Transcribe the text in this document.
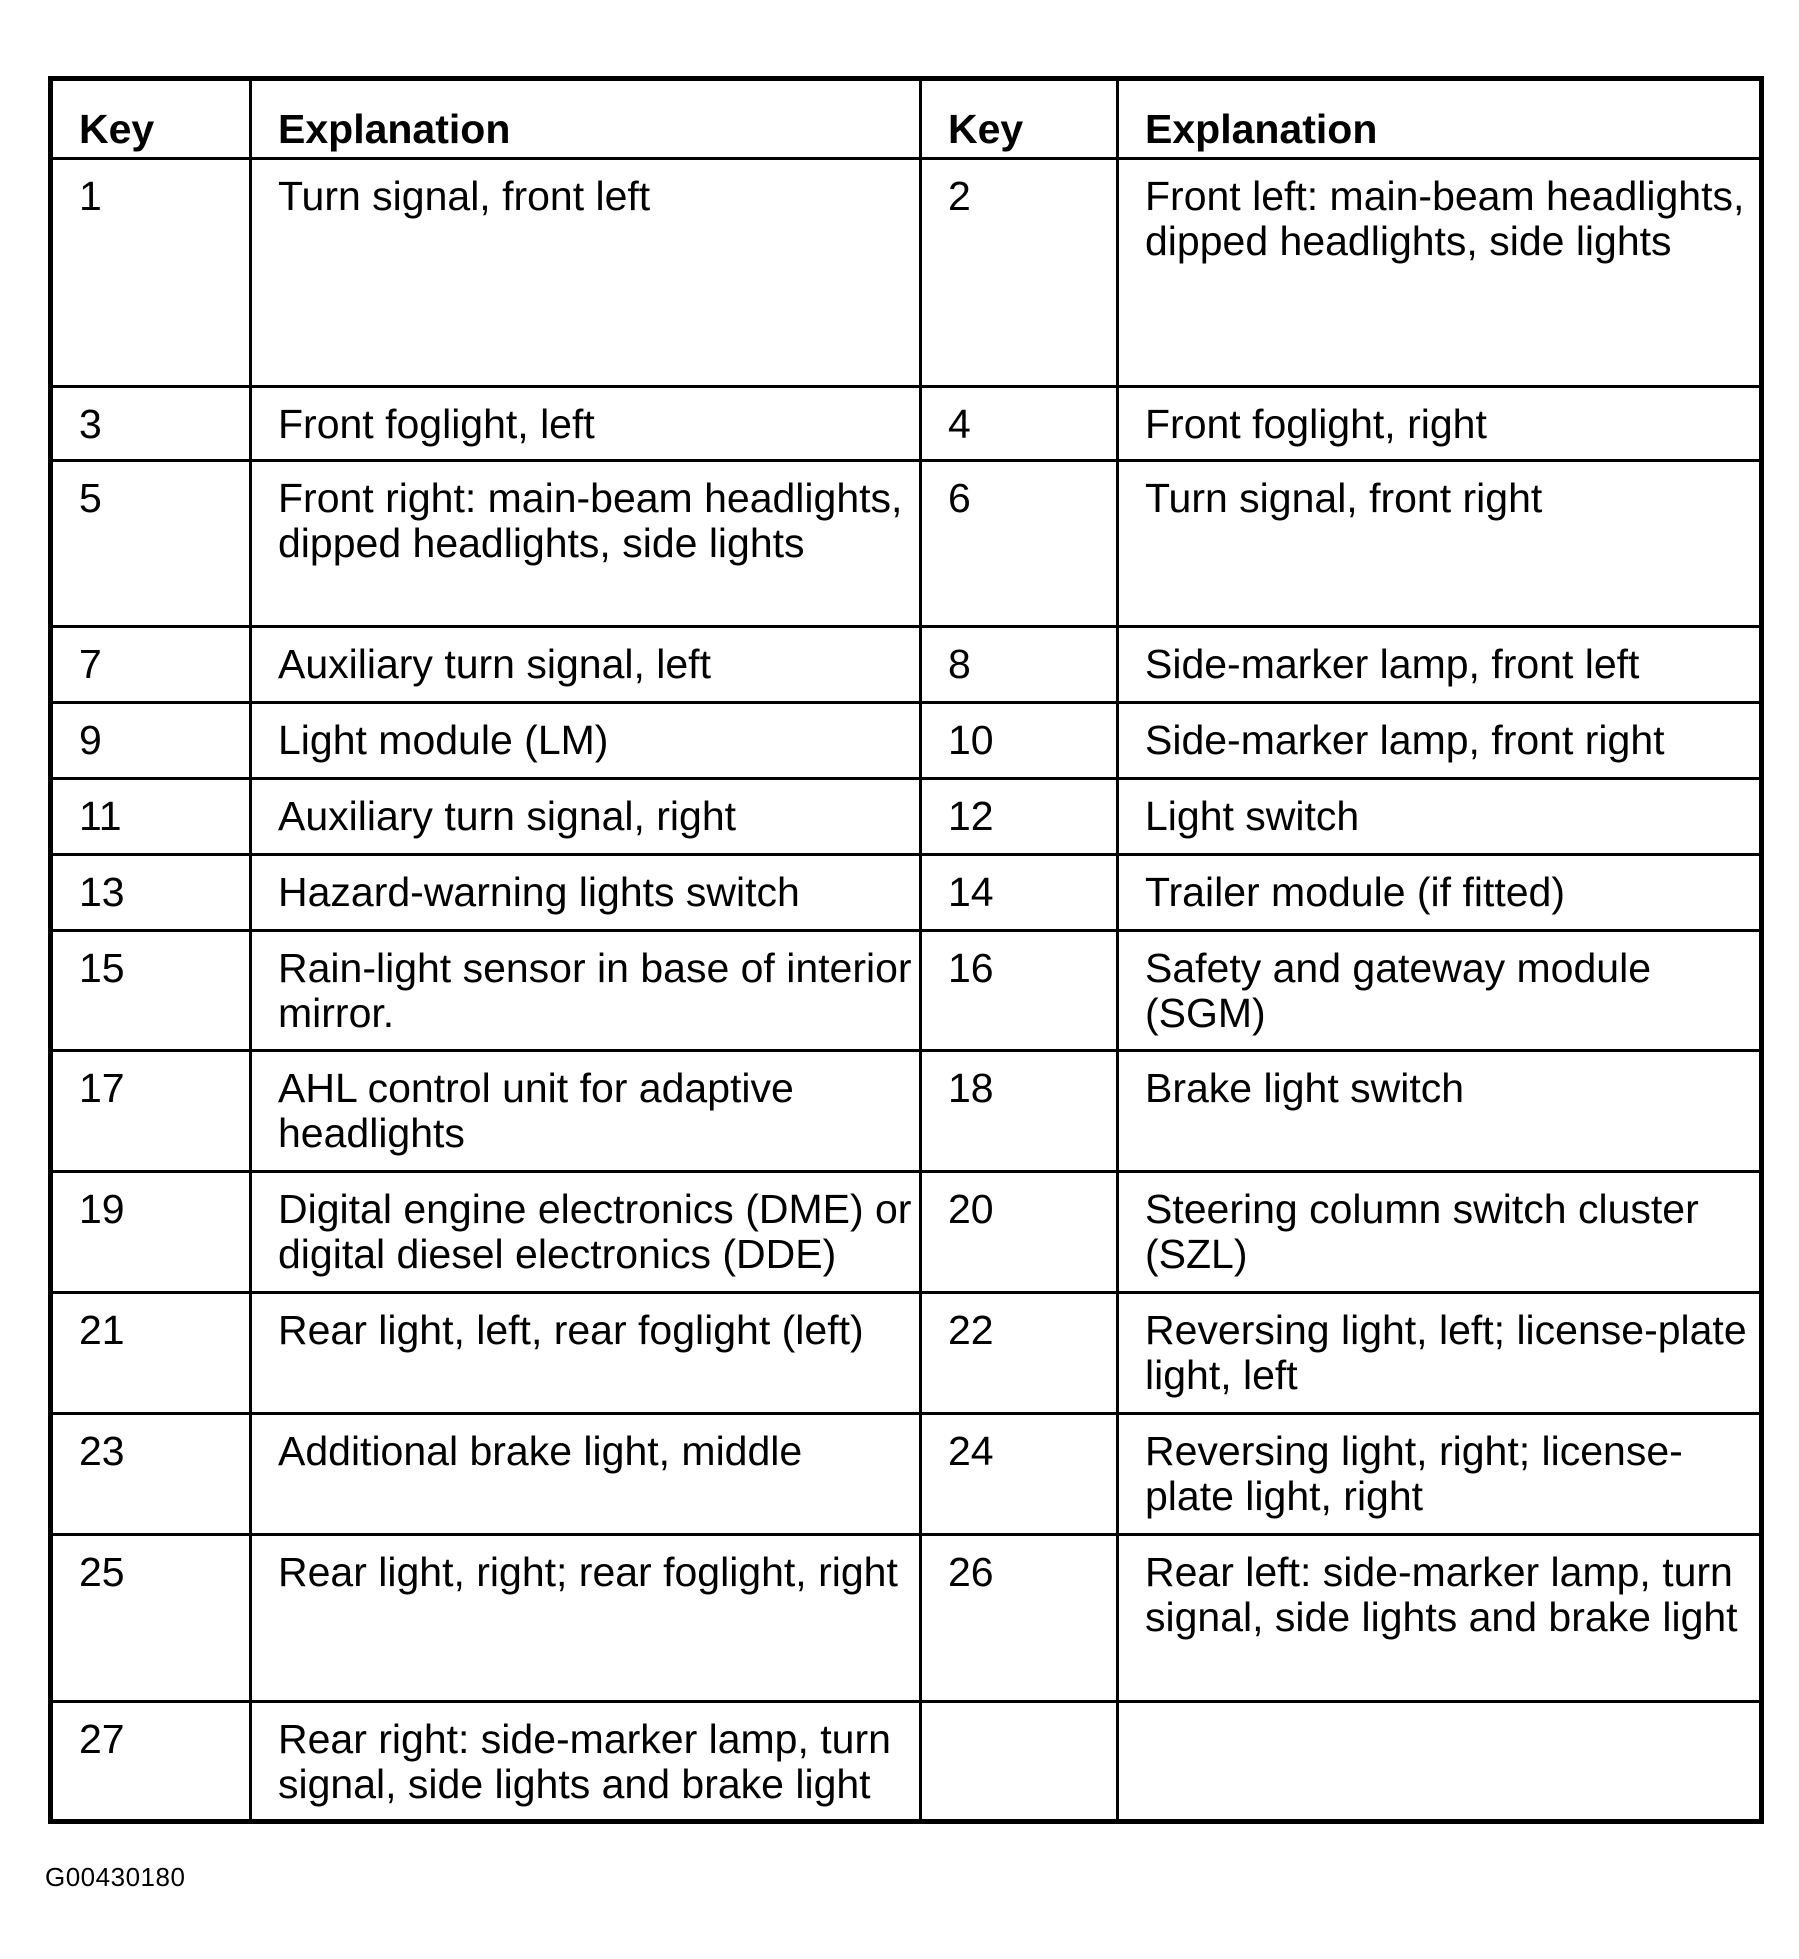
Key	Explanation	Key	Explanation
1	Turn signal, front left	2	Front left: main-beam headlights, dipped headlights, side lights
3	Front foglight, left	4	Front foglight, right
5	Front right: main-beam headlights, dipped headlights, side lights	6	Turn signal, front right
7	Auxiliary turn signal, left	8	Side-marker lamp, front left
9	Light module (LM)	10	Side-marker lamp, front right
11	Auxiliary turn signal, right	12	Light switch
13	Hazard-warning lights switch	14	Trailer module (if fitted)
15	Rain-light sensor in base of interior mirror.	16	Safety and gateway module (SGM)
17	AHL control unit for adaptive headlights	18	Brake light switch
19	Digital engine electronics (DME) or digital diesel electronics (DDE)	20	Steering column switch cluster (SZL)
21	Rear light, left, rear foglight (left)	22	Reversing light, left; license-plate light, left
23	Additional brake light, middle	24	Reversing light, right; license-plate light, right
25	Rear light, right; rear foglight, right	26	Rear left: side-marker lamp, turn signal, side lights and brake light
27	Rear right: side-marker lamp, turn signal, side lights and brake light		
G00430180
